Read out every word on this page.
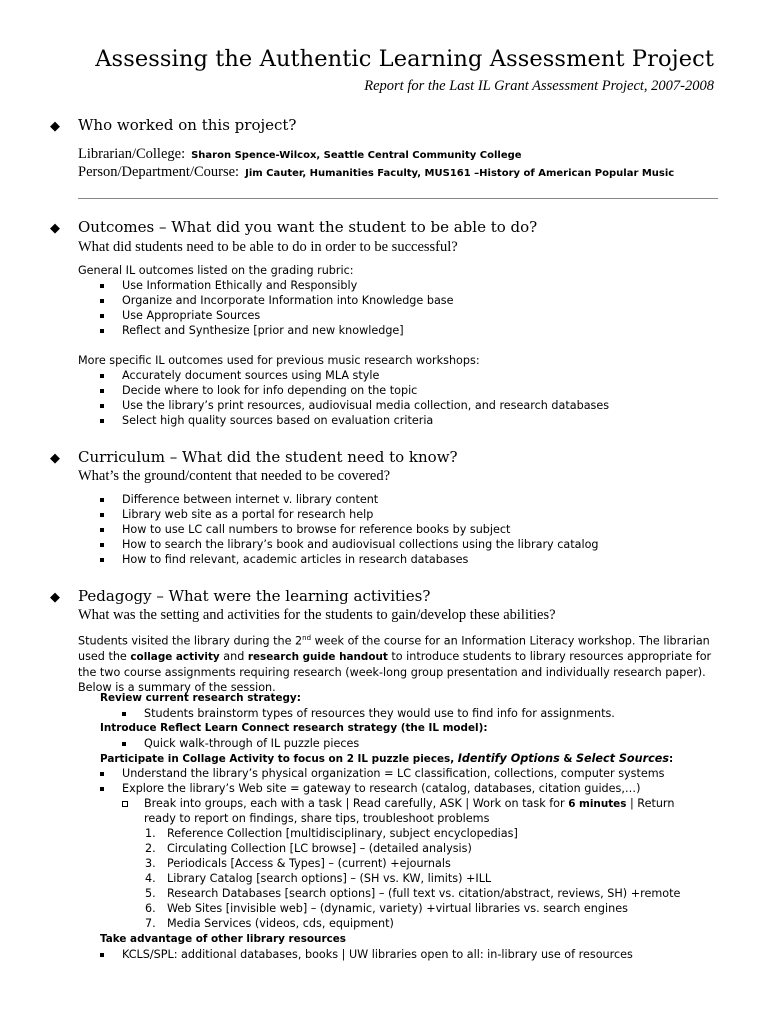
Assessing the Authentic Learning Assessment Project
Report for the Last IL Grant Assessment Project, 2007-2008
◆ Who worked on this project?
Librarian/College: Sharon Spence-Wilcox, Seattle Central Community College
Person/Department/Course: Jim Cauter, Humanities Faculty, MUS161 –History of American Popular Music
◆ Outcomes – What did you want the student to be able to do?
What did students need to be able to do in order to be successful?
General IL outcomes listed on the grading rubric:
Use Information Ethically and Responsibly
Organize and Incorporate Information into Knowledge base
Use Appropriate Sources
Reflect and Synthesize [prior and new knowledge]
More specific IL outcomes used for previous music research workshops:
Accurately document sources using MLA style
Decide where to look for info depending on the topic
Use the library’s print resources, audiovisual media collection, and research databases
Select high quality sources based on evaluation criteria
◆ Curriculum – What did the student need to know?
What’s the ground/content that needed to be covered?
Difference between internet v. library content
Library web site as a portal for research help
How to use LC call numbers to browse for reference books by subject
How to search the library’s book and audiovisual collections using the library catalog
How to find relevant, academic articles in research databases
◆ Pedagogy – What were the learning activities?
What was the setting and activities for the students to gain/develop these abilities?
Students visited the library during the 2nd week of the course for an Information Literacy workshop. The librarian used the collage activity and research guide handout to introduce students to library resources appropriate for the two course assignments requiring research (week-long group presentation and individually research paper). Below is a summary of the session.
Review current research strategy:
Students brainstorm types of resources they would use to find info for assignments.
Introduce Reflect Learn Connect research strategy (the IL model):
Quick walk-through of IL puzzle pieces
Participate in Collage Activity to focus on 2 IL puzzle pieces, Identify Options & Select Sources:
Understand the library’s physical organization = LC classification, collections, computer systems
Explore the library’s Web site = gateway to research (catalog, databases, citation guides,…)
Break into groups, each with a task | Read carefully, ASK | Work on task for 6 minutes | Return
ready to report on findings, share tips, troubleshoot problems
1. Reference Collection [multidisciplinary, subject encyclopedias]
2. Circulating Collection [LC browse] – (detailed analysis)
3. Periodicals [Access & Types] – (current) +ejournals
4. Library Catalog [search options] – (SH vs. KW, limits) +ILL
5. Research Databases [search options] – (full text vs. citation/abstract, reviews, SH) +remote
6. Web Sites [invisible web] – (dynamic, variety) +virtual libraries vs. search engines
7. Media Services (videos, cds, equipment)
Take advantage of other library resources
KCLS/SPL: additional databases, books | UW libraries open to all: in-library use of resources
